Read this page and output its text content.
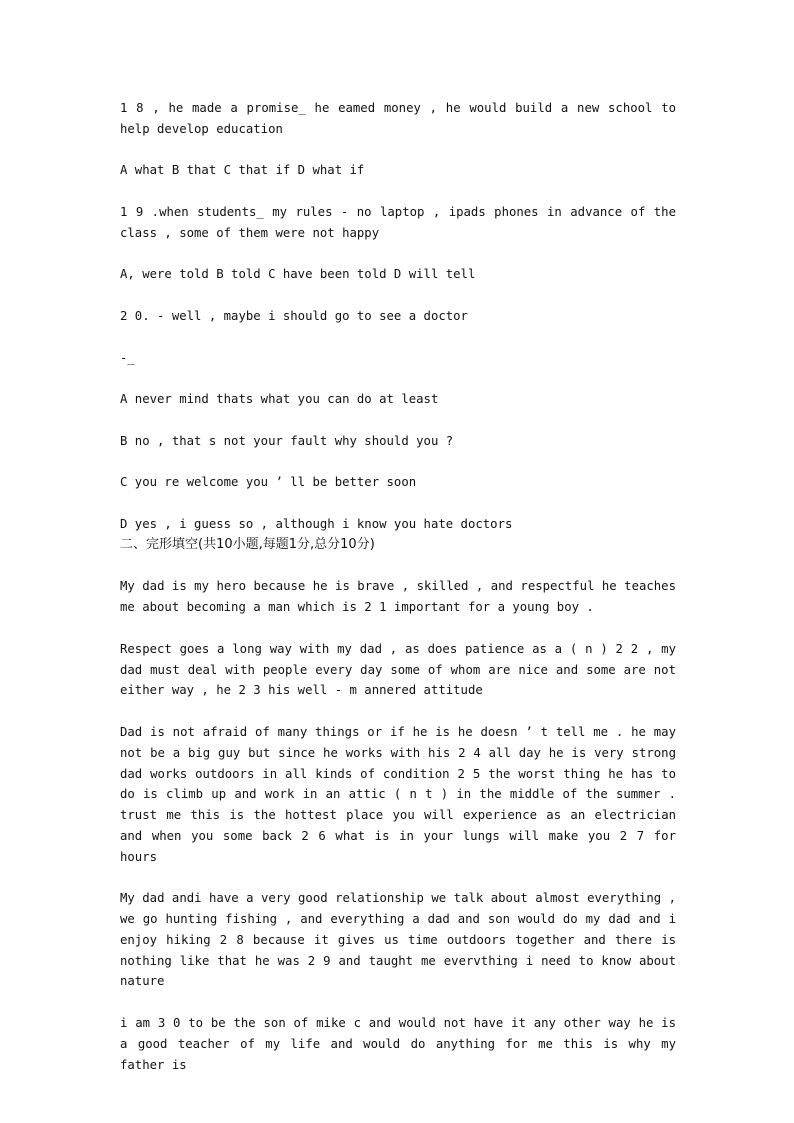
1 8 , he made a promise_ he eamed money , he would build a new school to help develop education

A what B that C that if D what if

1 9 .when students_ my rules - no laptop , ipads phones in advance of the class , some of them were not happy

A, were told B told C have been told D will tell

2 0. - well , maybe i should go to see a doctor

-_

A never mind thats what you can do at least

B no , that s not your fault why should you ?

C you re welcome you ’ ll be better soon

D yes , i guess so , although i know you hate doctors

二、完形填空(共10小题,每题1分,总分10分)

My dad is my hero because he is brave , skilled , and respectful he teaches me about becoming a man which is 2 1 important for a young boy .

Respect goes a long way with my dad , as does patience as a ( n ) 2 2 , my dad must deal with people every day some of whom are nice and some are not either way , he 2 3 his well - m annered attitude

Dad is not afraid of many things or if he is he doesn ’ t tell me . he may not be a big guy but since he works with his 2 4 all day he is very strong dad works outdoors in all kinds of condition 2 5 the worst thing he has to do is climb up and work in an attic ( n t ) in the middle of the summer . trust me this is the hottest place you will experience as an electrician and when you some back 2 6 what is in your lungs will make you 2 7 for hours

My dad andi have a very good relationship we talk about almost everything , we go hunting fishing , and everything a dad and son would do my dad and i enjoy hiking 2 8 because it gives us time outdoors together and there is nothing like that he was 2 9 and taught me evervthing i need to know about nature

i am 3 0 to be the son of mike c and would not have it any other way he is a good teacher of my life and would do anything for me this is why my father is
